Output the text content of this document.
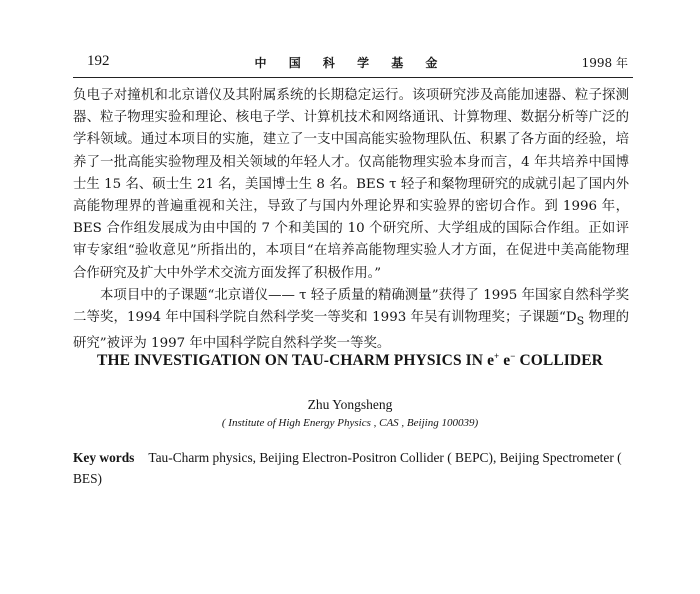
192	中 国 科 学 基 金	1998 年

负电子对撞机和北京谱仪及其附属系统的长期稳定运行。该项研究涉及高能加速器、粒子探测器、粒子物理实验和理论、核电子学、计算机技术和网络通讯、计算物理、数据分析等广泛的学科领域。通过本项目的实施，建立了一支中国高能实验物理队伍、积累了各方面的经验，培养了一批高能实验物理及相关领域的年轻人才。仅高能物理实验本身而言，4 年共培养中国博士生 15 名、硕士生 21 名，美国博士生 8 名。BES τ 轻子和粲物理研究的成就引起了国内外高能物理界的普遍重视和关注，导致了与国内外理论界和实验界的密切合作。到 1996 年，BES 合作组发展成为由中国的 7 个和美国的 10 个研究所、大学组成的国际合作组。正如评审专家组“验收意见”所指出的，本项目“在培养高能物理实验人才方面，在促进中美高能物理合作研究及扩大中外学术交流方面发挥了积极作用。”

本项目中的子课题“北京谱仪—— τ 轻子质量的精确测量”获得了 1995 年国家自然科学奖二等奖，1994 年中国科学院自然科学奖一等奖和 1993 年吴有训物理奖；子课题“$D_S$ 物理的研究”被评为 1997 年中国科学院自然科学奖一等奖。

THE INVESTIGATION ON TAU-CHARM PHYSICS IN e+ e− COLLIDER
Zhu Yongsheng
( Institute of High Energy Physics , CAS , Beijing 100039)
Key words Tau-Charm physics, Beijing Electron-Positron Collider ( BEPC), Beijing Spectrometer ( BES)
